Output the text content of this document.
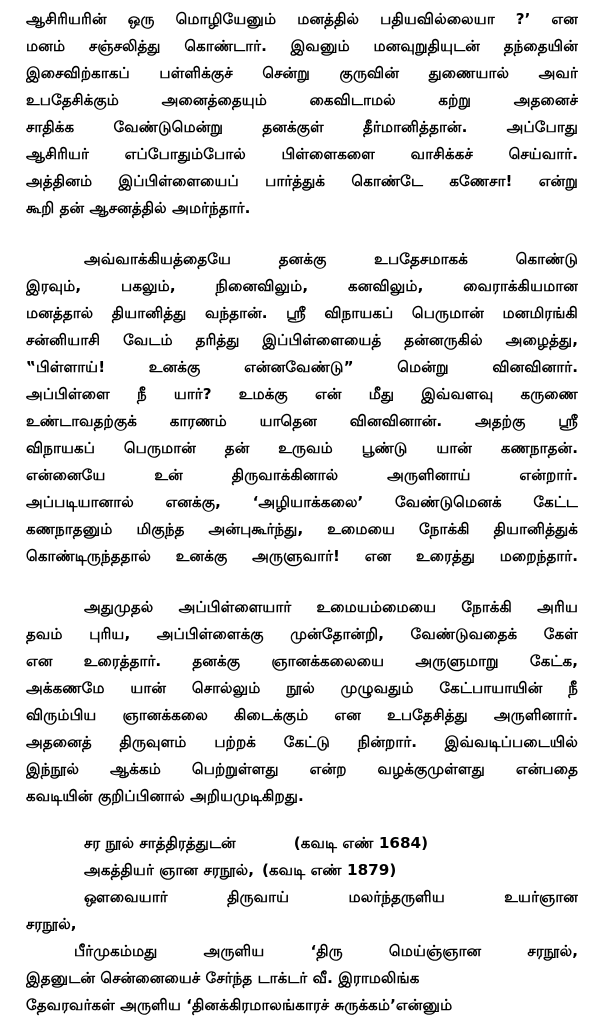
ஆசிரியரின் ஒரு மொழியேனும் மனத்தில் பதியவில்லையா ?’ என
மனம் சஞ்சலித்து கொண்டார். இவனும் மனவுறுதியுடன் தந்தையின்
இசைவிற்காகப் பள்ளிக்குச் சென்று குருவின் துணையால் அவர்
உபதேசிக்கும் அனைத்தையும் கைவிடாமல் கற்று அதனைச்
சாதிக்க வேண்டுமென்று தனக்குள் தீர்மானித்தான். அப்போது
ஆசிரியர் எப்போதும்போல் பிள்ளைகளை வாசிக்கச் செய்வார்.
அத்தினம் இப்பிள்ளையைப் பார்த்துக் கொண்டே கணேசா! என்று
கூறி தன் ஆசனத்தில் அமர்ந்தார்.
அவ்வாக்கியத்தையே தனக்கு உபதேசமாகக் கொண்டு
இரவும், பகலும், நினைவிலும், கனவிலும், வைராக்கியமான
மனத்தால் தியானித்து வந்தான். ஸ்ரீ விநாயகப் பெருமான் மனமிரங்கி
சன்னியாசி வேடம் தரித்து இப்பிள்ளையைத் தன்னருகில் அழைத்து,
‟பிள்ளாய்! உனக்கு என்னவேண்டு” மென்று வினவினார்.
அப்பிள்ளை நீ யார்? உமக்கு என் மீது இவ்வளவு கருணை
உண்டாவதற்குக் காரணம் யாதென வினவினான். அதற்கு ஸ்ரீ
விநாயகப் பெருமான் தன் உருவம் பூண்டு யான் கணநாதன்.
என்னையே உன் திருவாக்கினால் அருளினாய் என்றார்.
அப்படியானால் எனக்கு, ‘அழியாக்கலை’ வேண்டுமெனக் கேட்ட
கணநாதனும் மிகுந்த அன்புகூர்ந்து, உமையை நோக்கி தியானித்துக்
கொண்டிருந்ததால் உனக்கு அருளுவார்! என உரைத்து மறைந்தார்.
அதுமுதல் அப்பிள்ளையார் உமையம்மையை நோக்கி அரிய
தவம் புரிய, அப்பிள்ளைக்கு முன்தோன்றி, வேண்டுவதைக் கேள்
என உரைத்தார். தனக்கு ஞானக்கலையை அருளுமாறு கேட்க,
அக்கணமே யான் சொல்லும் நூல் முழுவதும் கேட்பாயாயின் நீ
விரும்பிய ஞானக்கலை கிடைக்கும் என உபதேசித்து அருளினார்.
அதனைத் திருவுளம் பற்றக் கேட்டு நின்றார். இவ்வடிப்படையில்
இந்நூல் ஆக்கம் பெற்றுள்ளது என்ற வழக்குமுள்ளது என்பதை
கவடியின் குறிப்பினால் அறியமுடிகிறது.
சர நூல் சாத்திரத்துடன்	(கவடி எண் 1684)
அகத்தியர் ஞான சரநூல், (கவடி எண் 1879)
ஔவையார் திருவாய் மலர்ந்தருளிய உயர்ஞான
சரநூல்,
பீர்முகம்மது அருளிய ‘திரு மெய்ஞ்ஞான சரநூல்,
இதனுடன் சென்னையைச் சேர்ந்த டாக்டர் வீ. இராமலிங்க
தேவரவர்கள் அருளிய ‘தினக்கிரமாலங்காரச் சுருக்கம்’என்னும்
